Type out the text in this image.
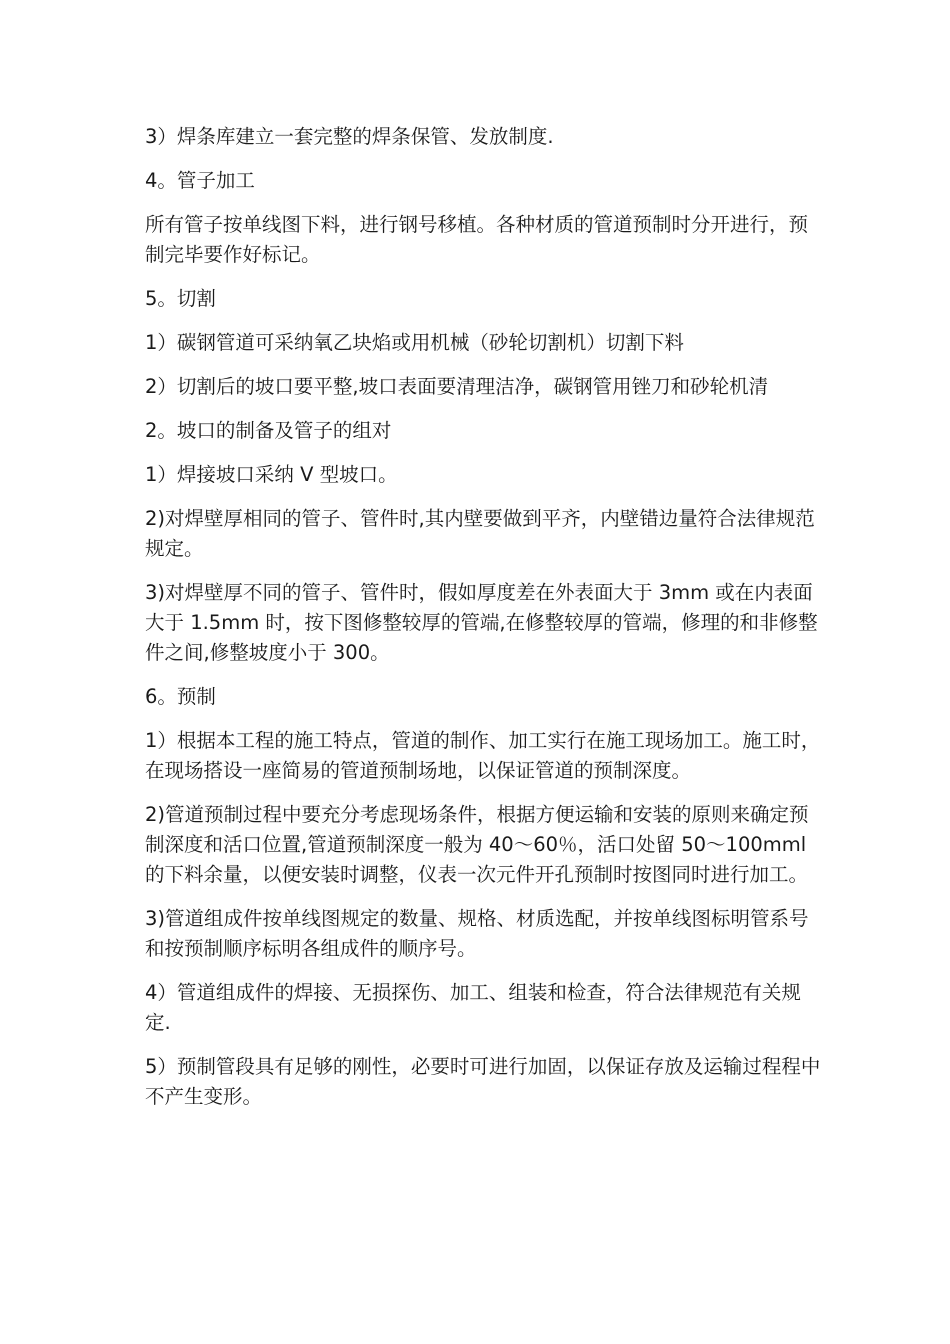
3）焊条库建立一套完整的焊条保管、发放制度.

4。管子加工

所有管子按单线图下料，进行钢号移植。各种材质的管道预制时分开进行，预制完毕要作好标记。

5。切割

1）碳钢管道可采纳氧乙块焰或用机械（砂轮切割机）切割下料

2）切割后的坡口要平整,坡口表面要清理洁净，碳钢管用锉刀和砂轮机清

2。坡口的制备及管子的组对

1）焊接坡口采纳 V 型坡口。

2)对焊壁厚相同的管子、管件时,其内壁要做到平齐，内壁错边量符合法律规范规定。

3)对焊壁厚不同的管子、管件时，假如厚度差在外表面大于 3mm 或在内表面大于 1.5mm 时，按下图修整较厚的管端,在修整较厚的管端，修理的和非修整件之间,修整坡度小于 300。

6。预制

1）根据本工程的施工特点，管道的制作、加工实行在施工现场加工。施工时，在现场搭设一座简易的管道预制场地，以保证管道的预制深度。

2)管道预制过程中要充分考虑现场条件，根据方便运输和安装的原则来确定预制深度和活口位置,管道预制深度一般为 40～60％，活口处留 50～100mml 的下料余量，以便安装时调整，仪表一次元件开孔预制时按图同时进行加工。

3)管道组成件按单线图规定的数量、规格、材质选配，并按单线图标明管系号和按预制顺序标明各组成件的顺序号。

4）管道组成件的焊接、无损探伤、加工、组装和检查，符合法律规范有关规定.

5）预制管段具有足够的刚性，必要时可进行加固，以保证存放及运输过程程中不产生变形。
